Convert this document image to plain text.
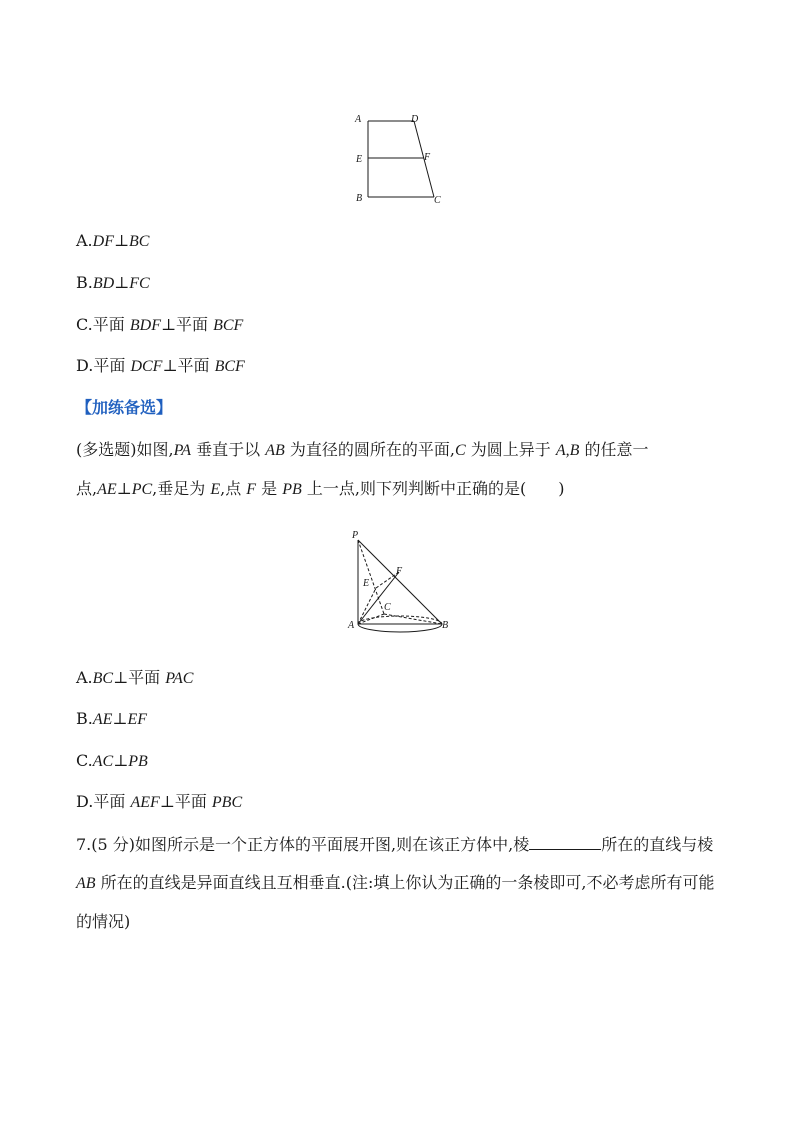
A	D
E	F
B	C
A.DF⊥BC
B.BD⊥FC
C.平面 BDF⊥平面 BCF
D.平面 DCF⊥平面 BCF
【加练备选】
(多选题)如图,PA 垂直于以 AB 为直径的圆所在的平面,C 为圆上异于 A,B 的任意一点,AE⊥PC,垂足为 E,点 F 是 PB 上一点,则下列判断中正确的是(　　)
P
E
F
C
A	B
A.BC⊥平面 PAC
B.AE⊥EF
C.AC⊥PB
D.平面 AEF⊥平面 PBC
7.(5 分)如图所示是一个正方体的平面展开图,则在该正方体中,棱	所在的直线与棱AB 所在的直线是异面直线且互相垂直.(注:填上你认为正确的一条棱即可,不必考虑所有可能的情况)
